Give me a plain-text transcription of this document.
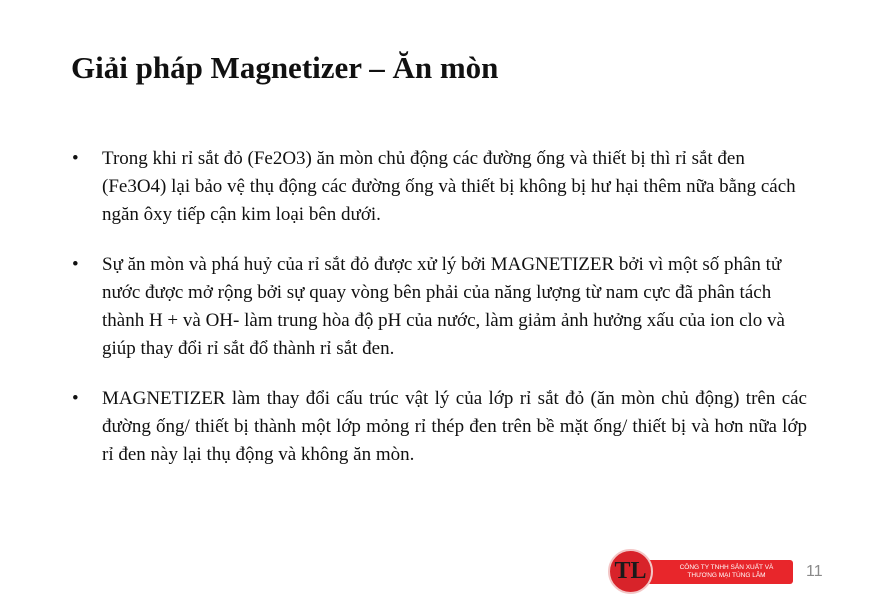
Giải pháp Magnetizer – Ăn mòn
• Trong khi rỉ sắt đỏ (Fe2O3) ăn mòn chủ động các đường ống và thiết bị thì rỉ sắt đen (Fe3O4) lại bảo vệ thụ động các đường ống và thiết bị không bị hư hại thêm nữa bằng cách ngăn ôxy tiếp cận kim loại bên dưới.
• Sự ăn mòn và phá huỷ của rỉ sắt đỏ được xử lý bởi MAGNETIZER bởi vì một số phân tử nước được mở rộng bởi sự quay vòng bên phải của năng lượng từ nam cực đã phân tách thành H + và OH- làm trung hòa độ pH của nước, làm giảm ảnh hưởng xấu của ion clo và giúp thay đổi rỉ sắt đổ thành rỉ sắt đen.
• MAGNETIZER làm thay đổi cấu trúc vật lý của lớp rỉ sắt đỏ (ăn mòn chủ động) trên các đường ống/ thiết bị thành một lớp mỏng rỉ thép đen trên bề mặt ống/ thiết bị và hơn nữa lớp rỉ đen này lại thụ động và không ăn mòn.
CÔNG TY TNHH SẢN XUẤT VÀ
THƯƠNG MẠI TÙNG LÂM
TL	11
